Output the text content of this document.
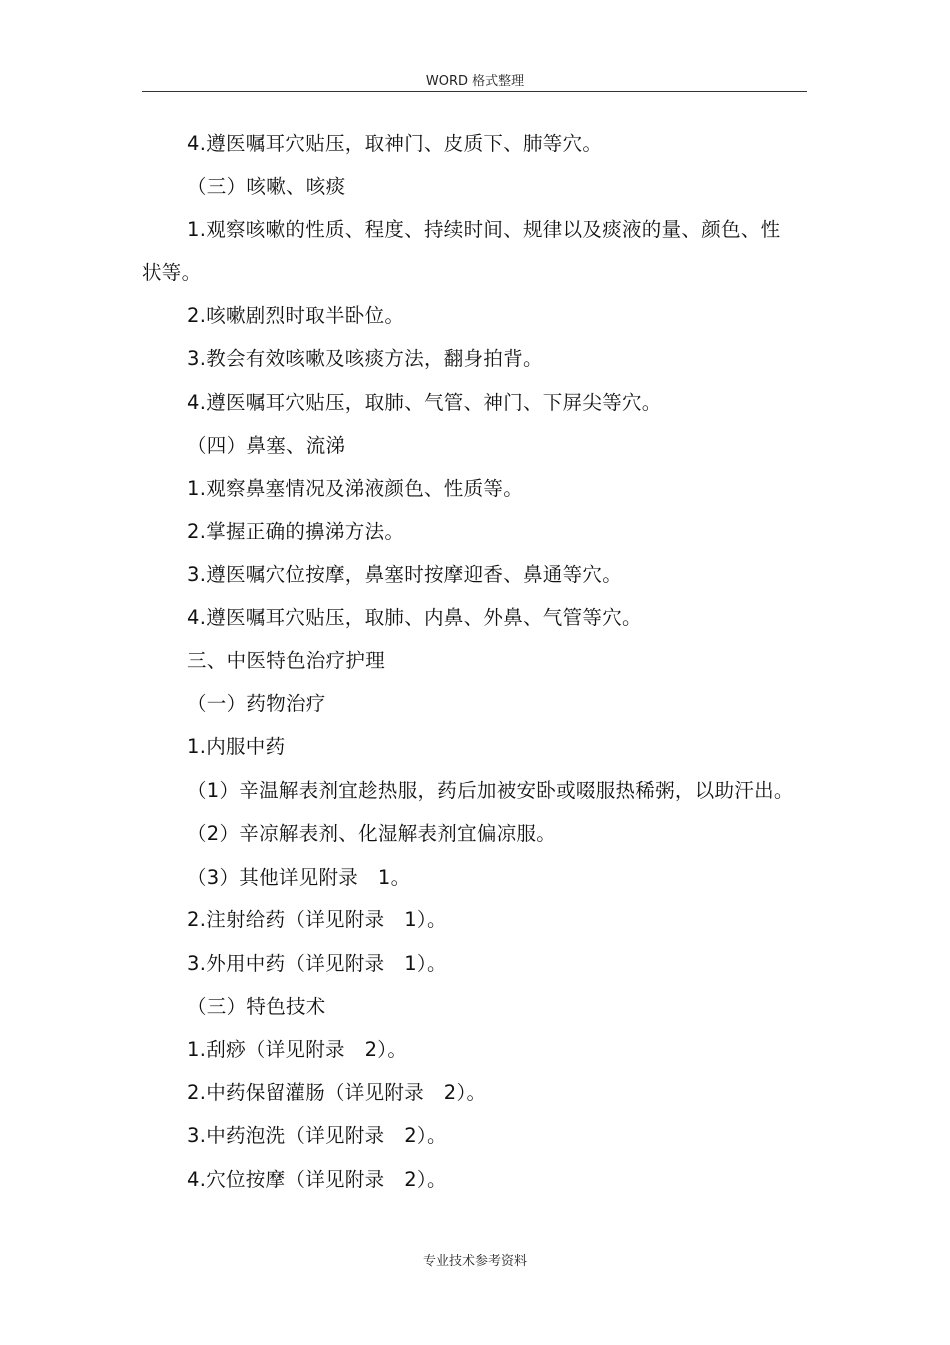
WORD 格式整理
4.遵医嘱耳穴贴压，取神门、皮质下、肺等穴。
（三）咳嗽、咳痰
1.观察咳嗽的性质、程度、持续时间、规律以及痰液的量、颜色、性
状等。
2.咳嗽剧烈时取半卧位。
3.教会有效咳嗽及咳痰方法，翻身拍背。
4.遵医嘱耳穴贴压，取肺、气管、神门、下屏尖等穴。
（四）鼻塞、流涕
1.观察鼻塞情况及涕液颜色、性质等。
2.掌握正确的擤涕方法。
3.遵医嘱穴位按摩，鼻塞时按摩迎香、鼻通等穴。
4.遵医嘱耳穴贴压，取肺、内鼻、外鼻、气管等穴。
三、中医特色治疗护理
（一）药物治疗
1.内服中药
（1）辛温解表剂宜趁热服，药后加被安卧或啜服热稀粥，以助汗出。
（2）辛凉解表剂、化湿解表剂宜偏凉服。
（3）其他详见附录　1。
2.注射给药（详见附录　1）。
3.外用中药（详见附录　1）。
（三）特色技术
1.刮痧（详见附录　2）。
2.中药保留灌肠（详见附录　2）。
3.中药泡洗（详见附录　2）。
4.穴位按摩（详见附录　2）。
专业技术参考资料
